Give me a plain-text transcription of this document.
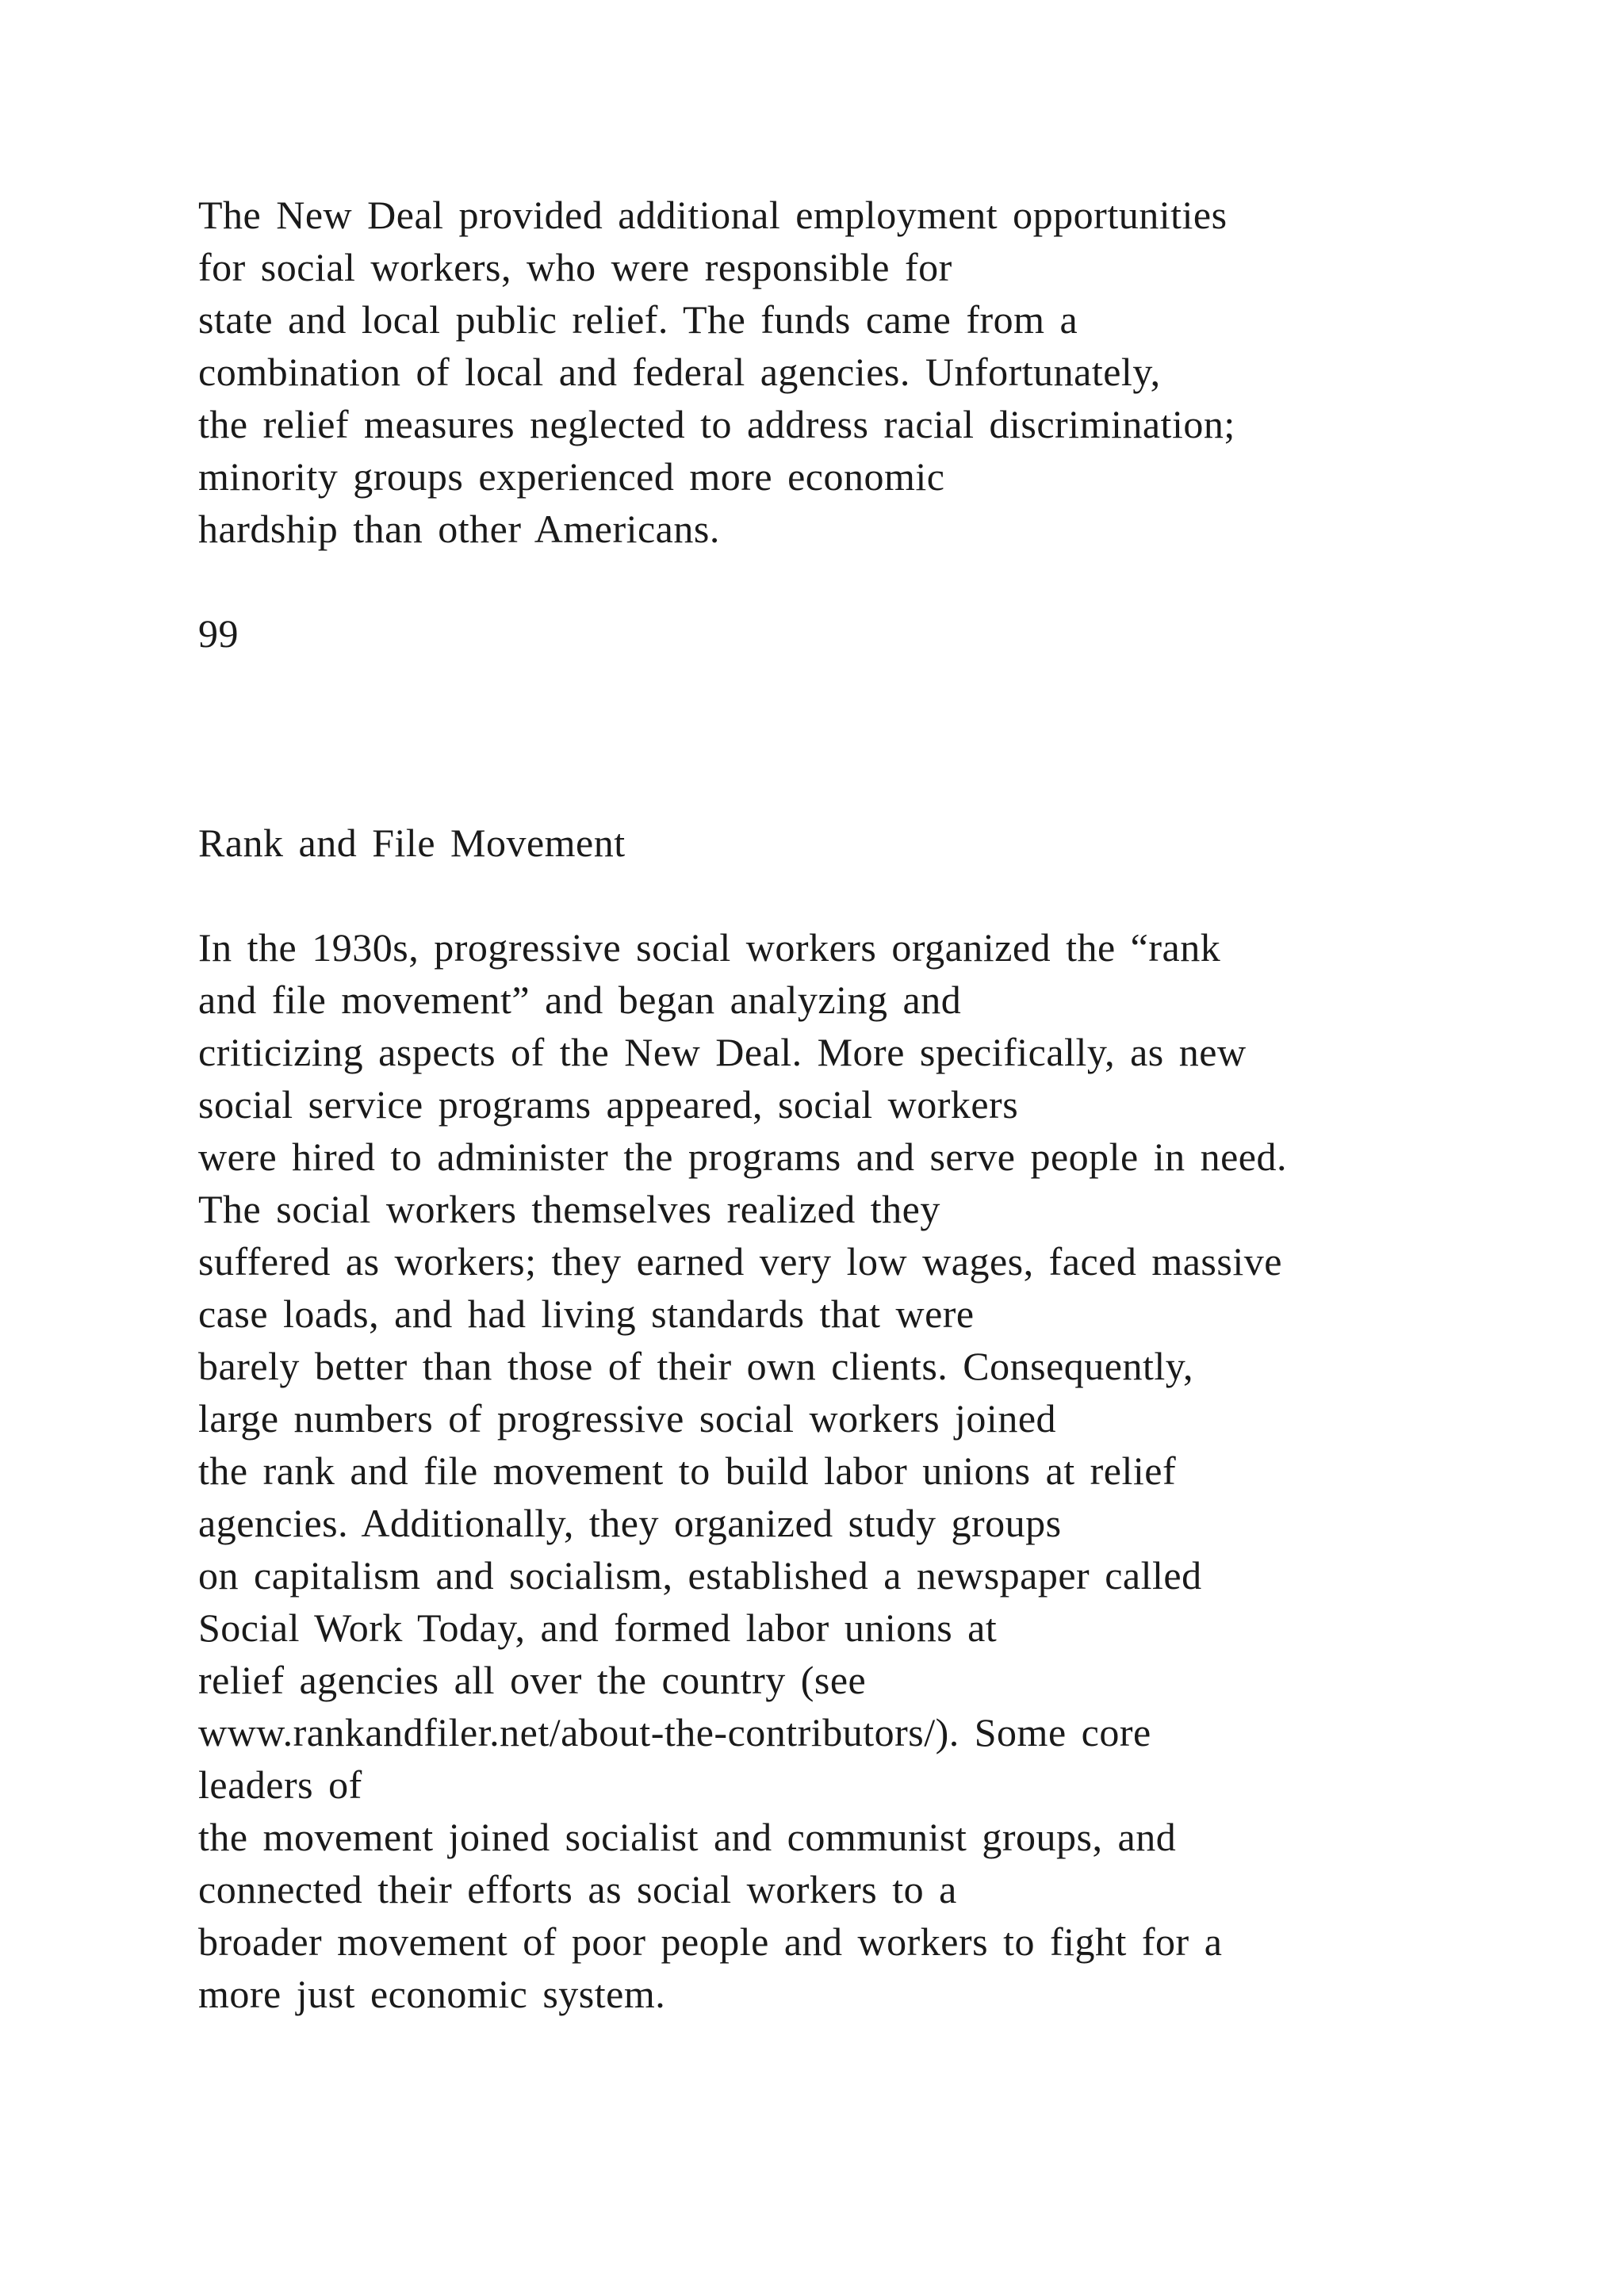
The New Deal provided additional employment opportunities
for social workers, who were responsible for
state and local public relief. The funds came from a
combination of local and federal agencies. Unfortunately,
the relief measures neglected to address racial discrimination;
minority groups experienced more economic
hardship than other Americans.
99
Rank and File Movement
In the 1930s, progressive social workers organized the “rank
and file movement” and began analyzing and
criticizing aspects of the New Deal. More specifically, as new
social service programs appeared, social workers
were hired to administer the programs and serve people in need.
The social workers themselves realized they
suffered as workers; they earned very low wages, faced massive
case loads, and had living standards that were
barely better than those of their own clients. Consequently,
large numbers of progressive social workers joined
the rank and file movement to build labor unions at relief
agencies. Additionally, they organized study groups
on capitalism and socialism, established a newspaper called
Social Work Today, and formed labor unions at
relief agencies all over the country (see
www.rankandfiler.net/about-the-contributors/). Some core
leaders of
the movement joined socialist and communist groups, and
connected their efforts as social workers to a
broader movement of poor people and workers to fight for a
more just economic system.
